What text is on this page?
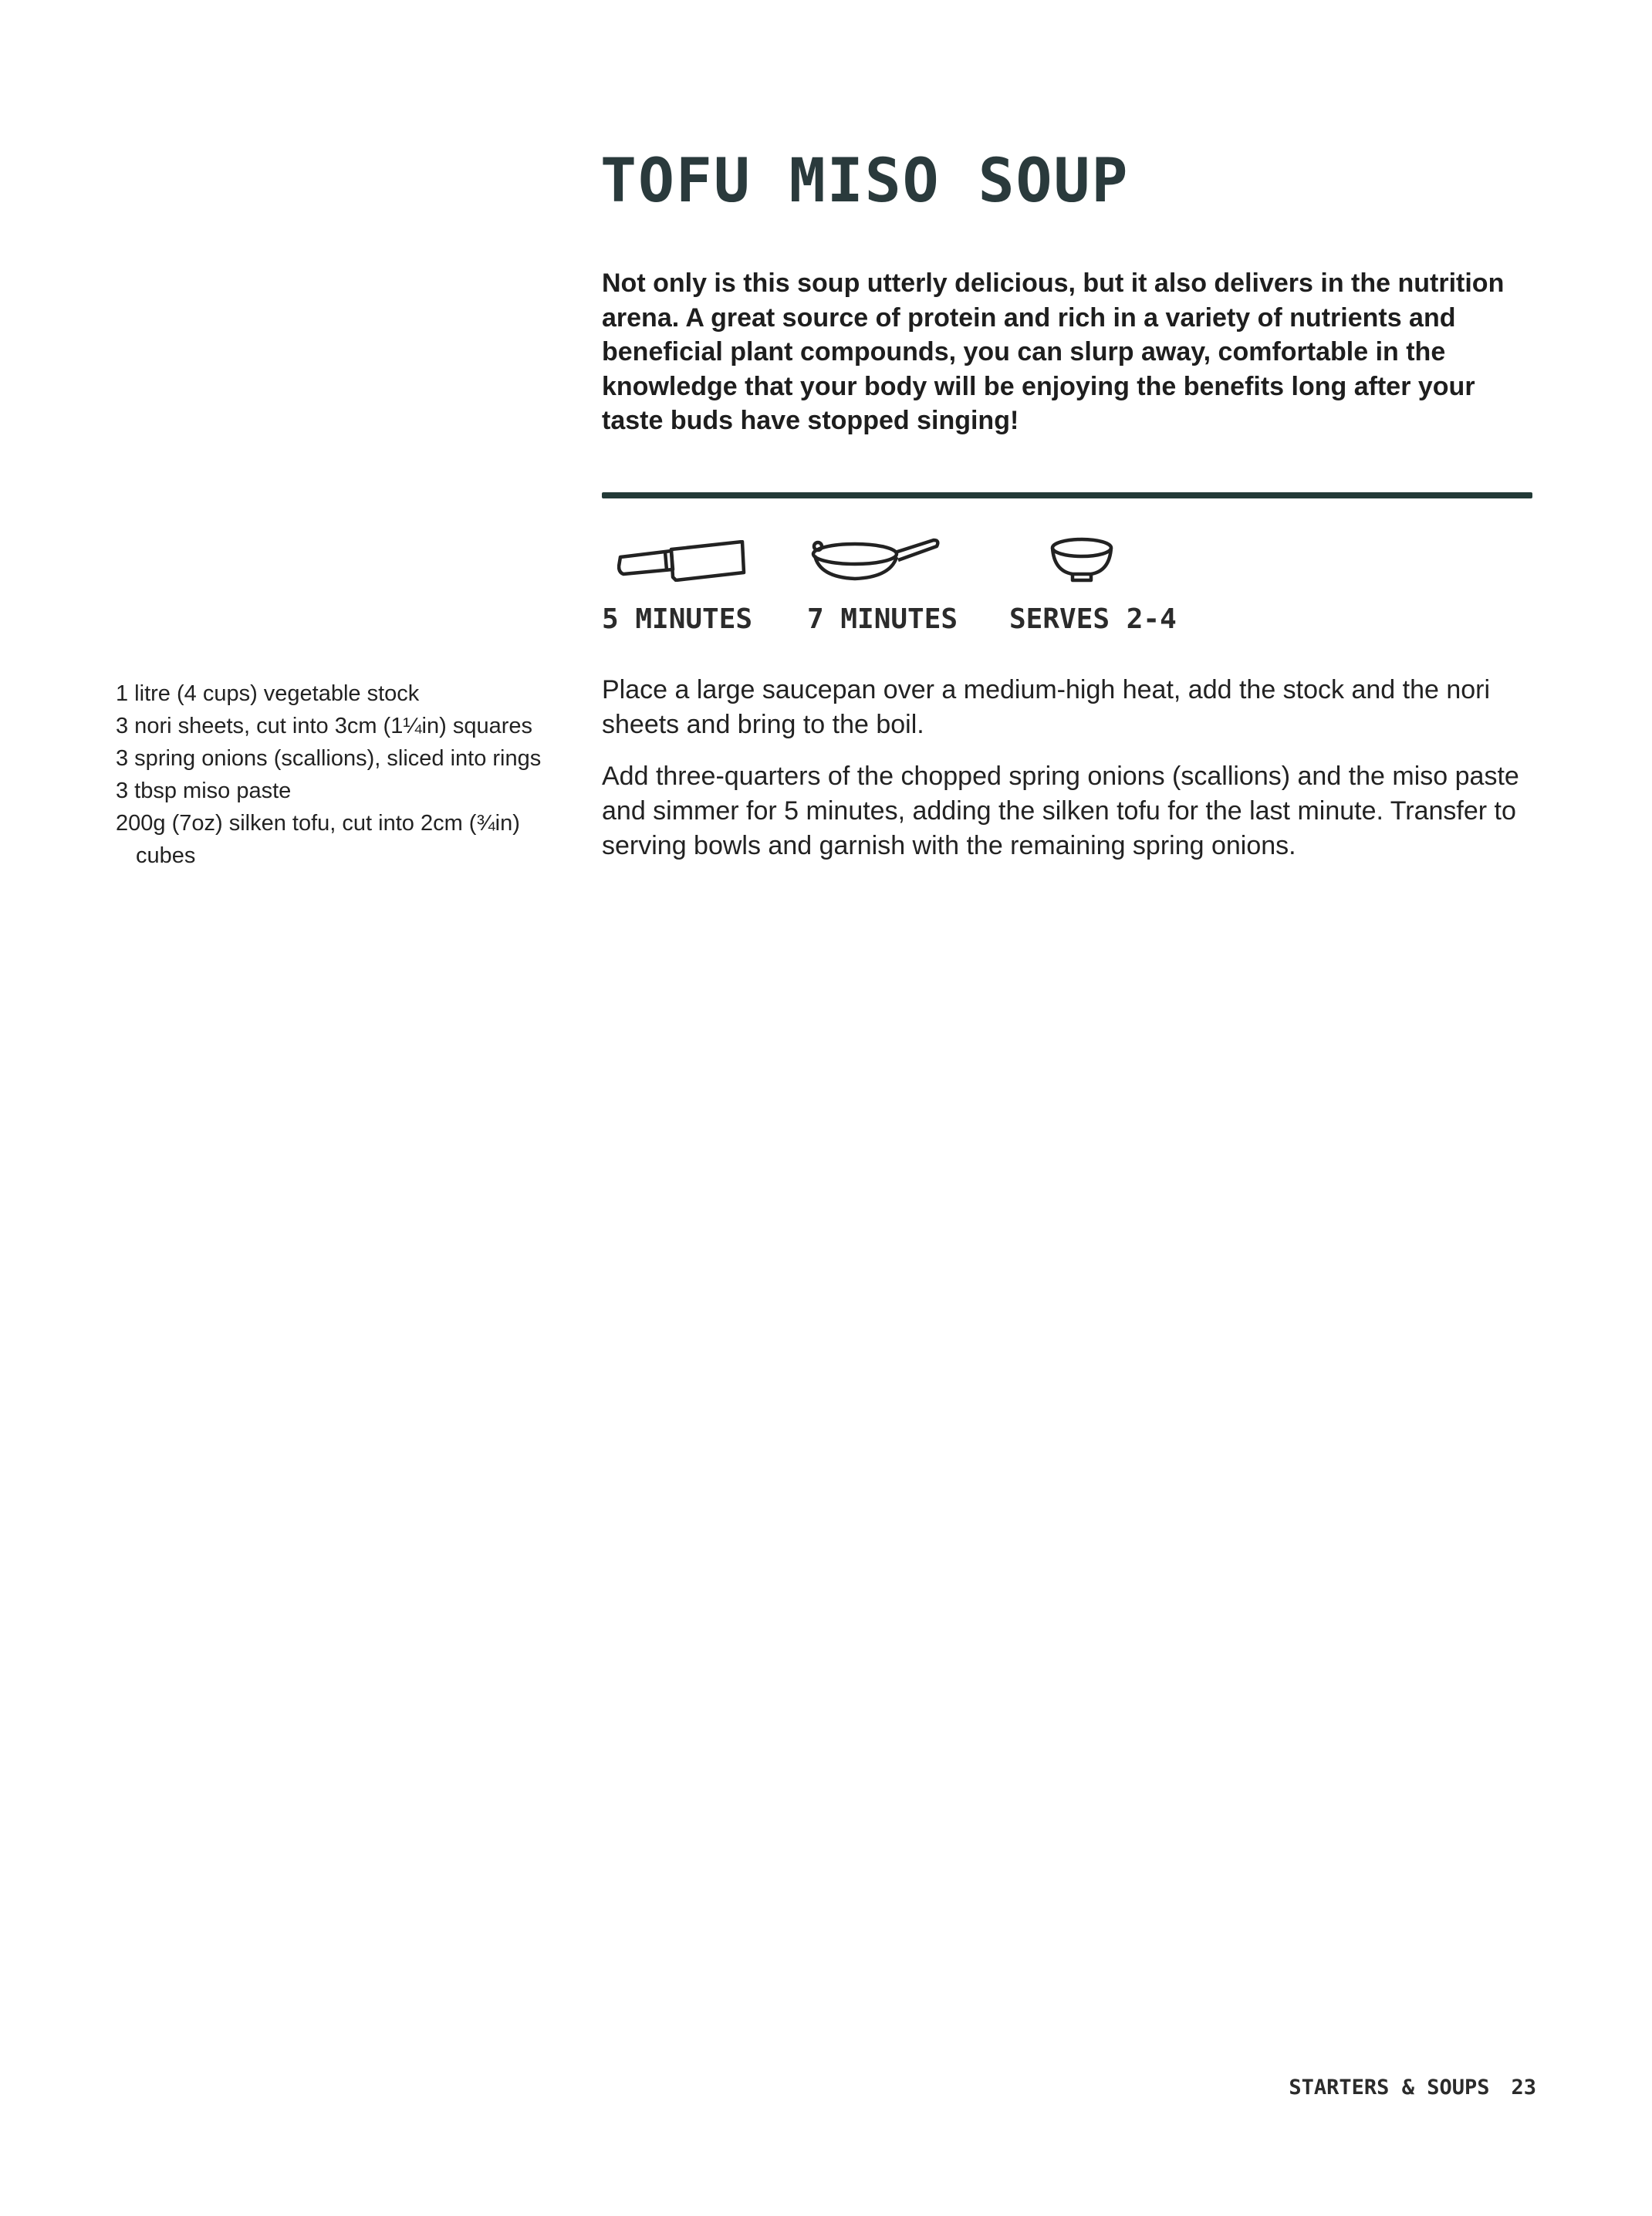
TOFU MISO SOUP

Not only is this soup utterly delicious, but it also delivers in the nutrition arena. A great source of protein and rich in a variety of nutrients and beneficial plant compounds, you can slurp away, comfortable in the knowledge that your body will be enjoying the benefits long after your taste buds have stopped singing!

5 MINUTES 7 MINUTES SERVES 2-4
1 litre (4 cups) vegetable stock
3 nori sheets, cut into 3cm (1¼in) squares
3 spring onions (scallions), sliced into rings
3 tbsp miso paste
200g (7oz) silken tofu, cut into 2cm (¾in) cubes

Place a large saucepan over a medium-high heat, add the stock and the nori sheets and bring to the boil.

Add three-quarters of the chopped spring onions (scallions) and the miso paste and simmer for 5 minutes, adding the silken tofu for the last minute. Transfer to serving bowls and garnish with the remaining spring onions.

STARTERS & SOUPS 23
